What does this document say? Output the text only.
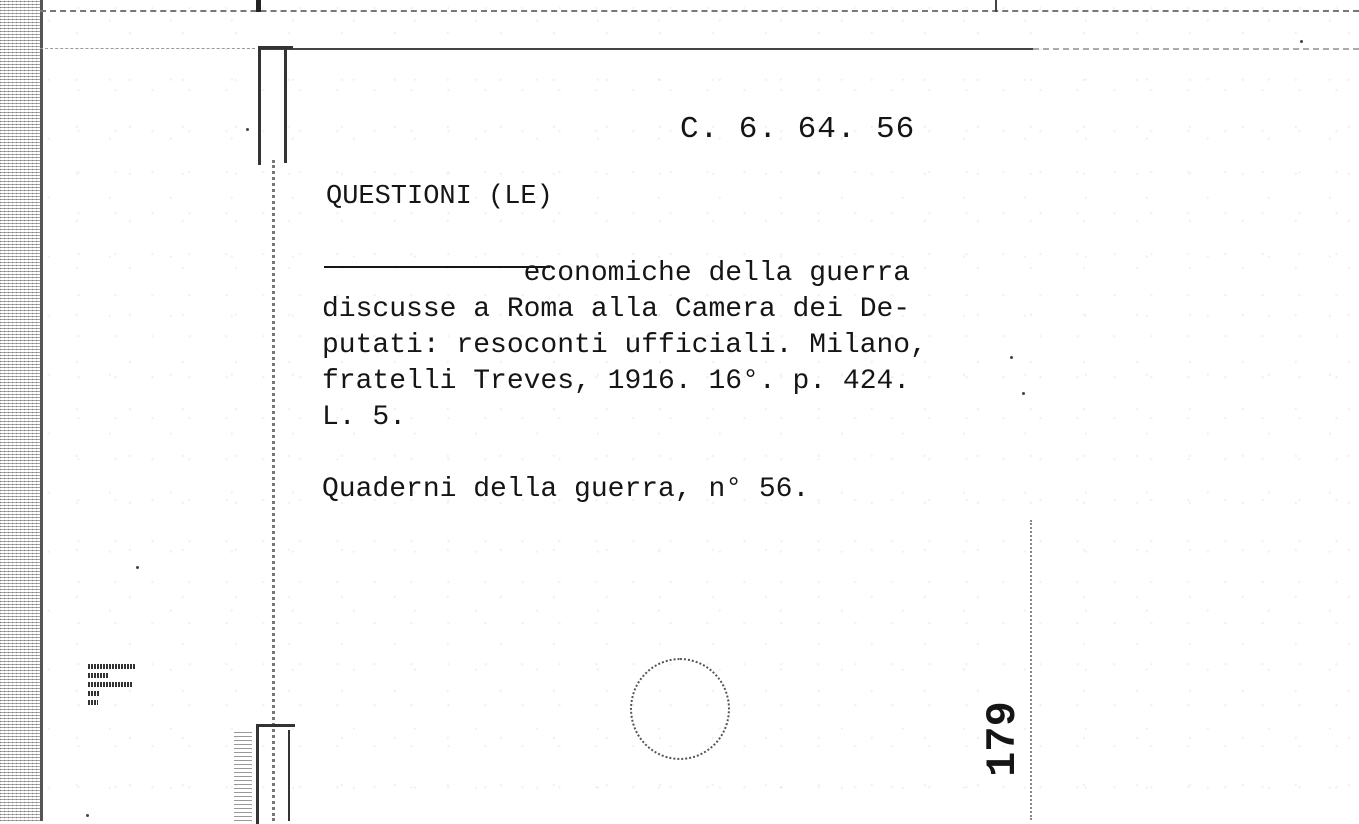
C. 6. 64. 56
QUESTIONI (LE)
economiche della guerra
discusse a Roma alla Camera dei De-
putati: resoconti ufficiali. Milano,
fratelli Treves, 1916. 16°. p. 424.
L. 5.
Quaderni della guerra, n° 56.
179
